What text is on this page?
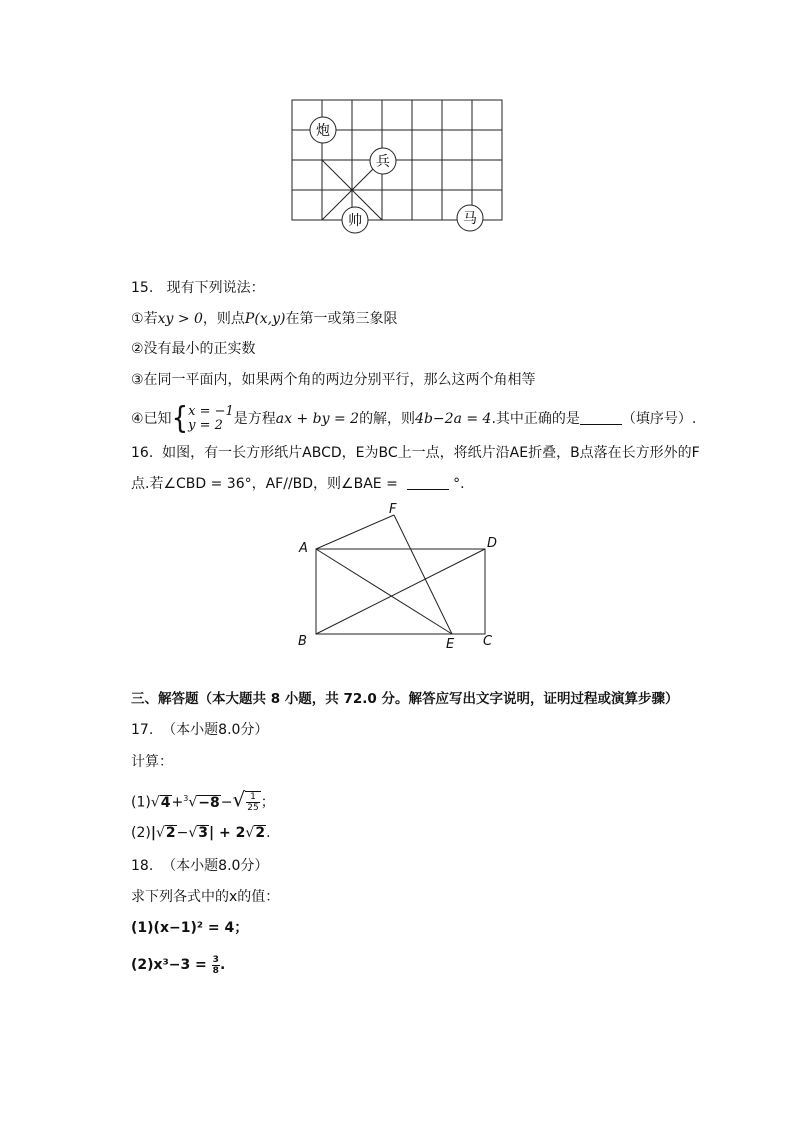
炮
兵
帅	马
15. 现有下列说法：
①若xy > 0，则点P(x,y)在第一或第三象限
②没有最小的正实数
③在同一平面内，如果两个角的两边分别平行，那么这两个角相等
④已知{ x = −1
y = 2 是方程ax + by = 2的解，则4b−2a = 4.其中正确的是	（填序号）.
16. 如图，有一长方形纸片ABCD，E为BC上一点，将纸片沿AE折叠，B点落在长方形外的F
点.若∠CBD = 36°，AF//BD，则∠BAE =	°.
A
B	C
D
E
F
三、解答题（本大题共 8 小题，共 72.0 分。解答应写出文字说明，证明过程或演算步骤）
17. （本小题8.0分）
计算：
$(1)√4+^3√-8-√ \frac{1}{25}$ ；
(2)|√2−√3| + 2√2.
18. （本小题8.0分）
求下列各式中的x的值：
(1)(x−1)² = 4；
$(2)x^3-3 = \frac{3}{8}$ .
